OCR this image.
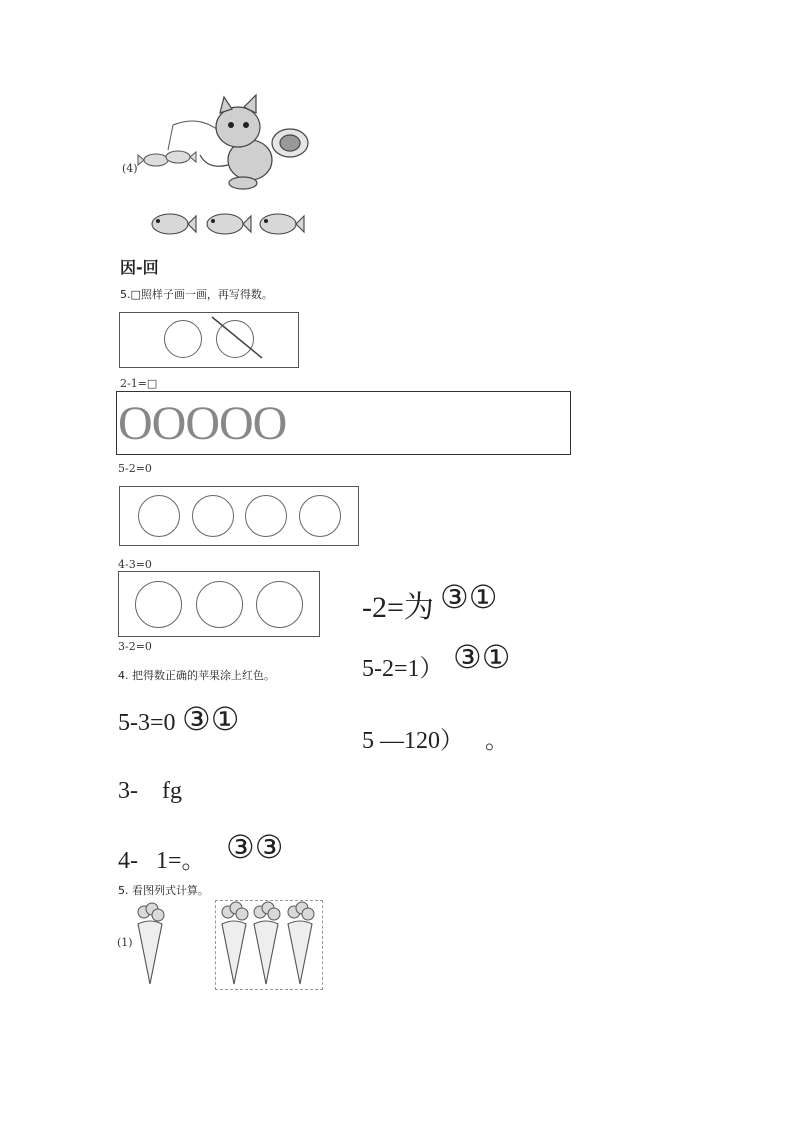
(4)
因-回
5.□照样子画一画，再写得数。
2-1=□
OOOOO
5-2=0
4-3=0
3-2=0
4. 把得数正确的苹果涂上红色。
5-3=0 ③①
3-    fg
4-   1=。 ③③
-2=为 ③①
5-2=1） ③①
5 —120） 。
5. 看图列式计算。
(1)
